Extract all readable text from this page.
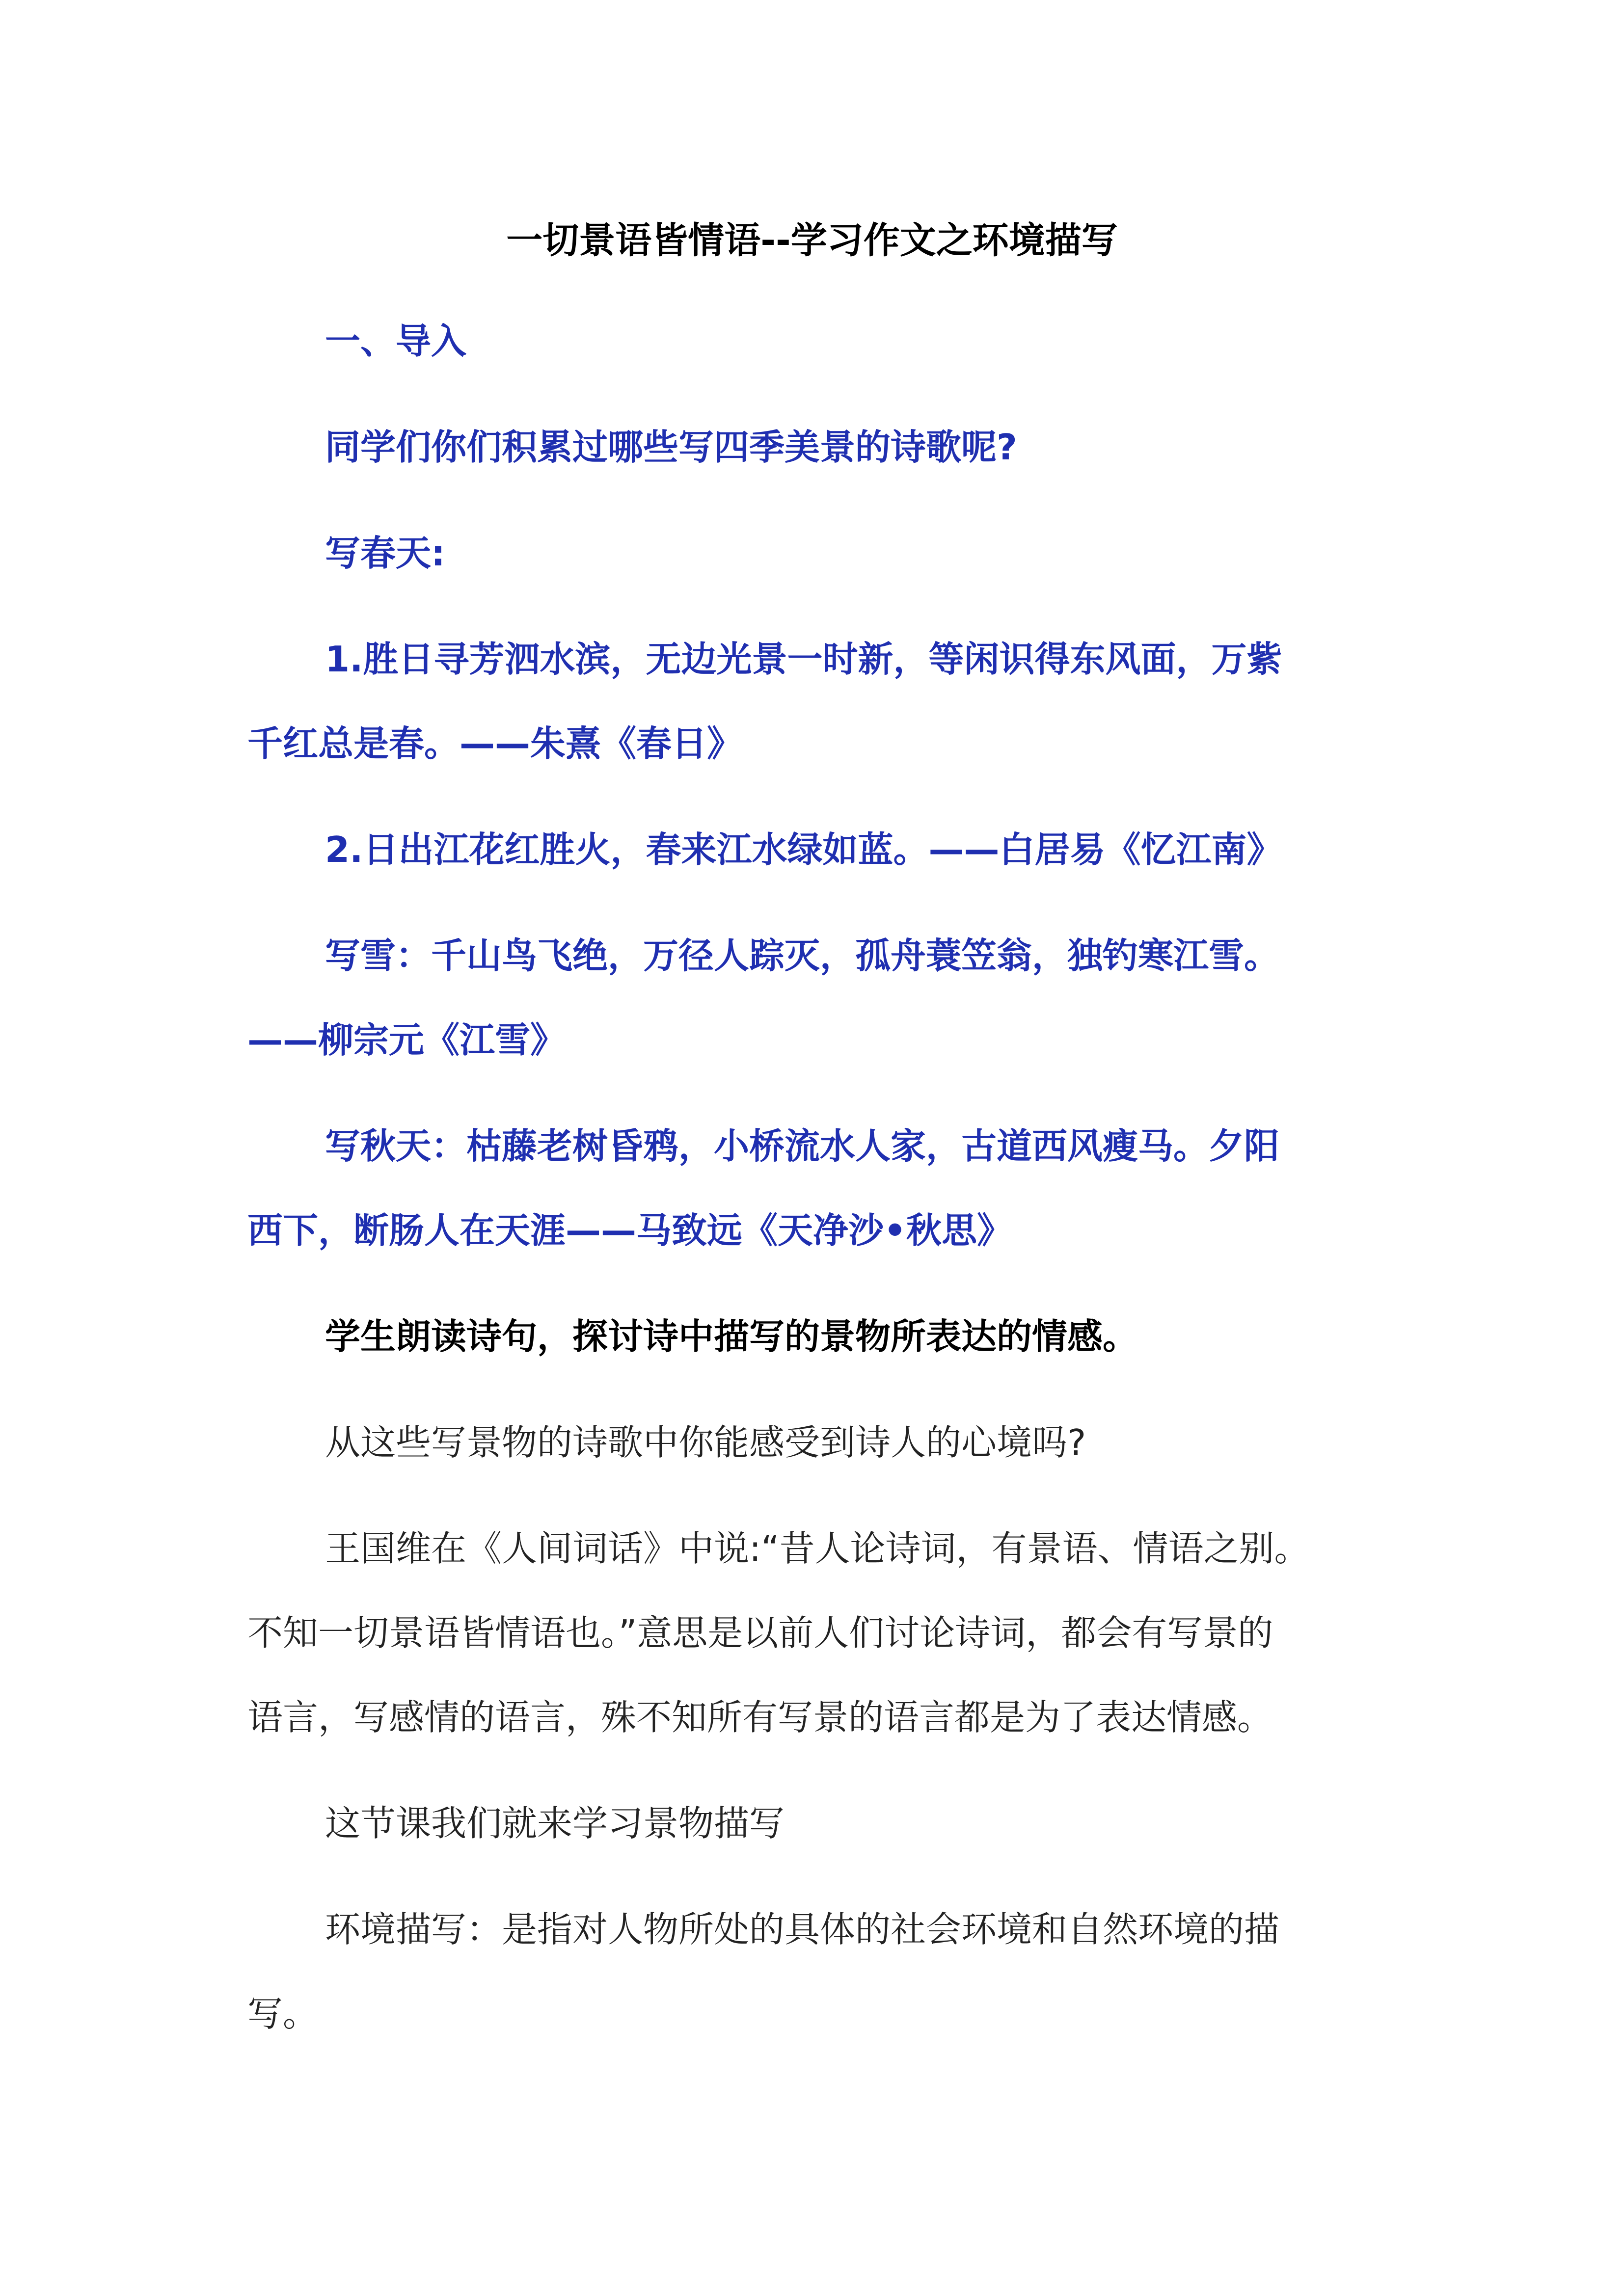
一切景语皆情语--学习作文之环境描写
一、导入
同学们你们积累过哪些写四季美景的诗歌呢?
写春天:
1.胜日寻芳泗水滨，无边光景一时新，等闲识得东风面，万紫
千红总是春。——朱熹《春日》
2.日出江花红胜火，春来江水绿如蓝。——白居易《忆江南》
写雪：千山鸟飞绝，万径人踪灭，孤舟蓑笠翁，独钓寒江雪。
——柳宗元《江雪》
写秋天：枯藤老树昏鸦，小桥流水人家，古道西风瘦马。夕阳
西下，断肠人在天涯——马致远《天净沙•秋思》
学生朗读诗句，探讨诗中描写的景物所表达的情感。
从这些写景物的诗歌中你能感受到诗人的心境吗?
王国维在《人间词话》中说:“昔人论诗词，有景语、情语之别。
不知一切景语皆情语也。”意思是以前人们讨论诗词，都会有写景的
语言，写感情的语言，殊不知所有写景的语言都是为了表达情感。
这节课我们就来学习景物描写
环境描写：是指对人物所处的具体的社会环境和自然环境的描
写。
